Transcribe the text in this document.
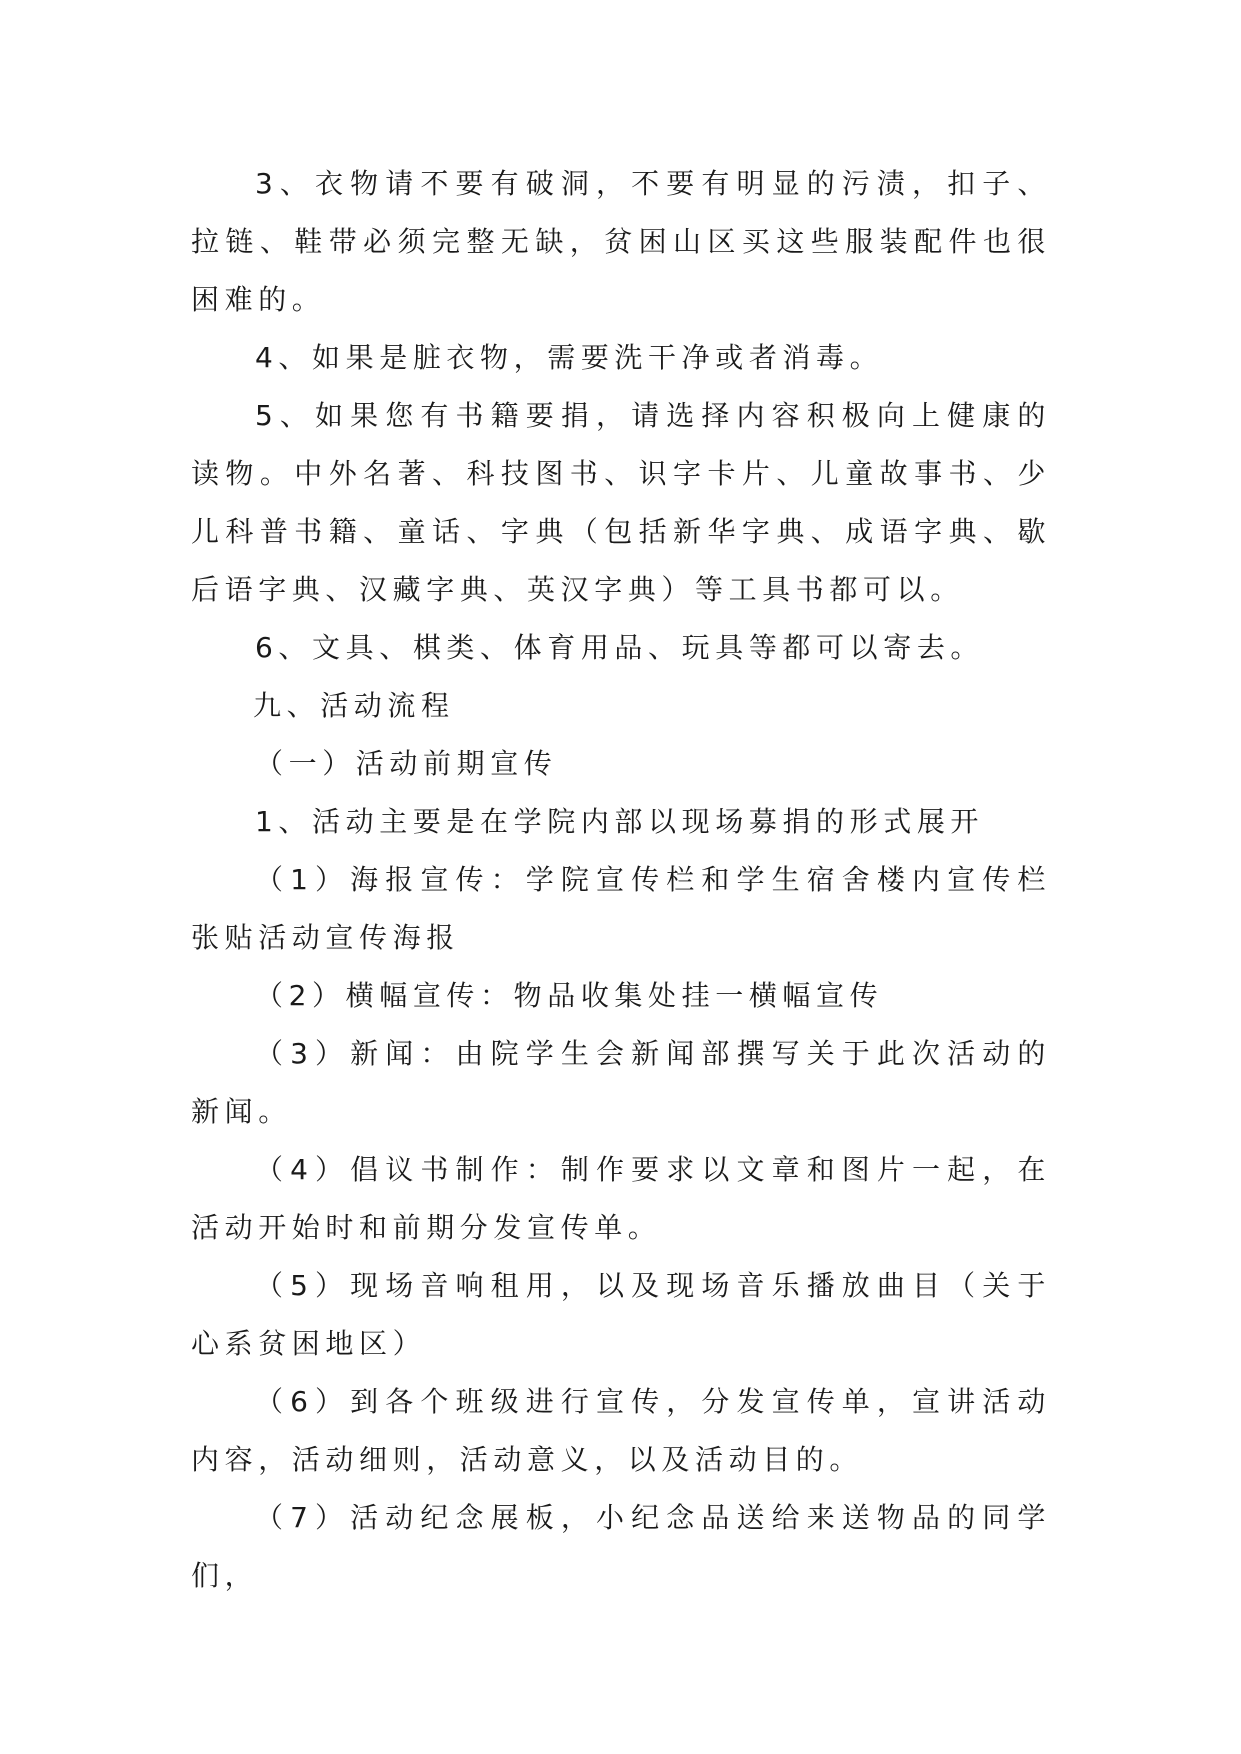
3、衣物请不要有破洞，不要有明显的污渍，扣子、拉链、鞋带必须完整无缺，贫困山区买这些服装配件也很困难的。

4、如果是脏衣物，需要洗干净或者消毒。

5、如果您有书籍要捐，请选择内容积极向上健康的读物。中外名著、科技图书、识字卡片、儿童故事书、少儿科普书籍、童话、字典（包括新华字典、成语字典、歇后语字典、汉藏字典、英汉字典）等工具书都可以。

6、文具、棋类、体育用品、玩具等都可以寄去。

九、活动流程

（一）活动前期宣传

1、活动主要是在学院内部以现场募捐的形式展开

（1）海报宣传：学院宣传栏和学生宿舍楼内宣传栏张贴活动宣传海报

（2）横幅宣传：物品收集处挂一横幅宣传

（3）新闻：由院学生会新闻部撰写关于此次活动的新闻。

（4）倡议书制作：制作要求以文章和图片一起，在活动开始时和前期分发宣传单。

（5）现场音响租用，以及现场音乐播放曲目（关于心系贫困地区）

（6）到各个班级进行宣传，分发宣传单，宣讲活动内容，活动细则，活动意义，以及活动目的。

（7）活动纪念展板，小纪念品送给来送物品的同学们，
